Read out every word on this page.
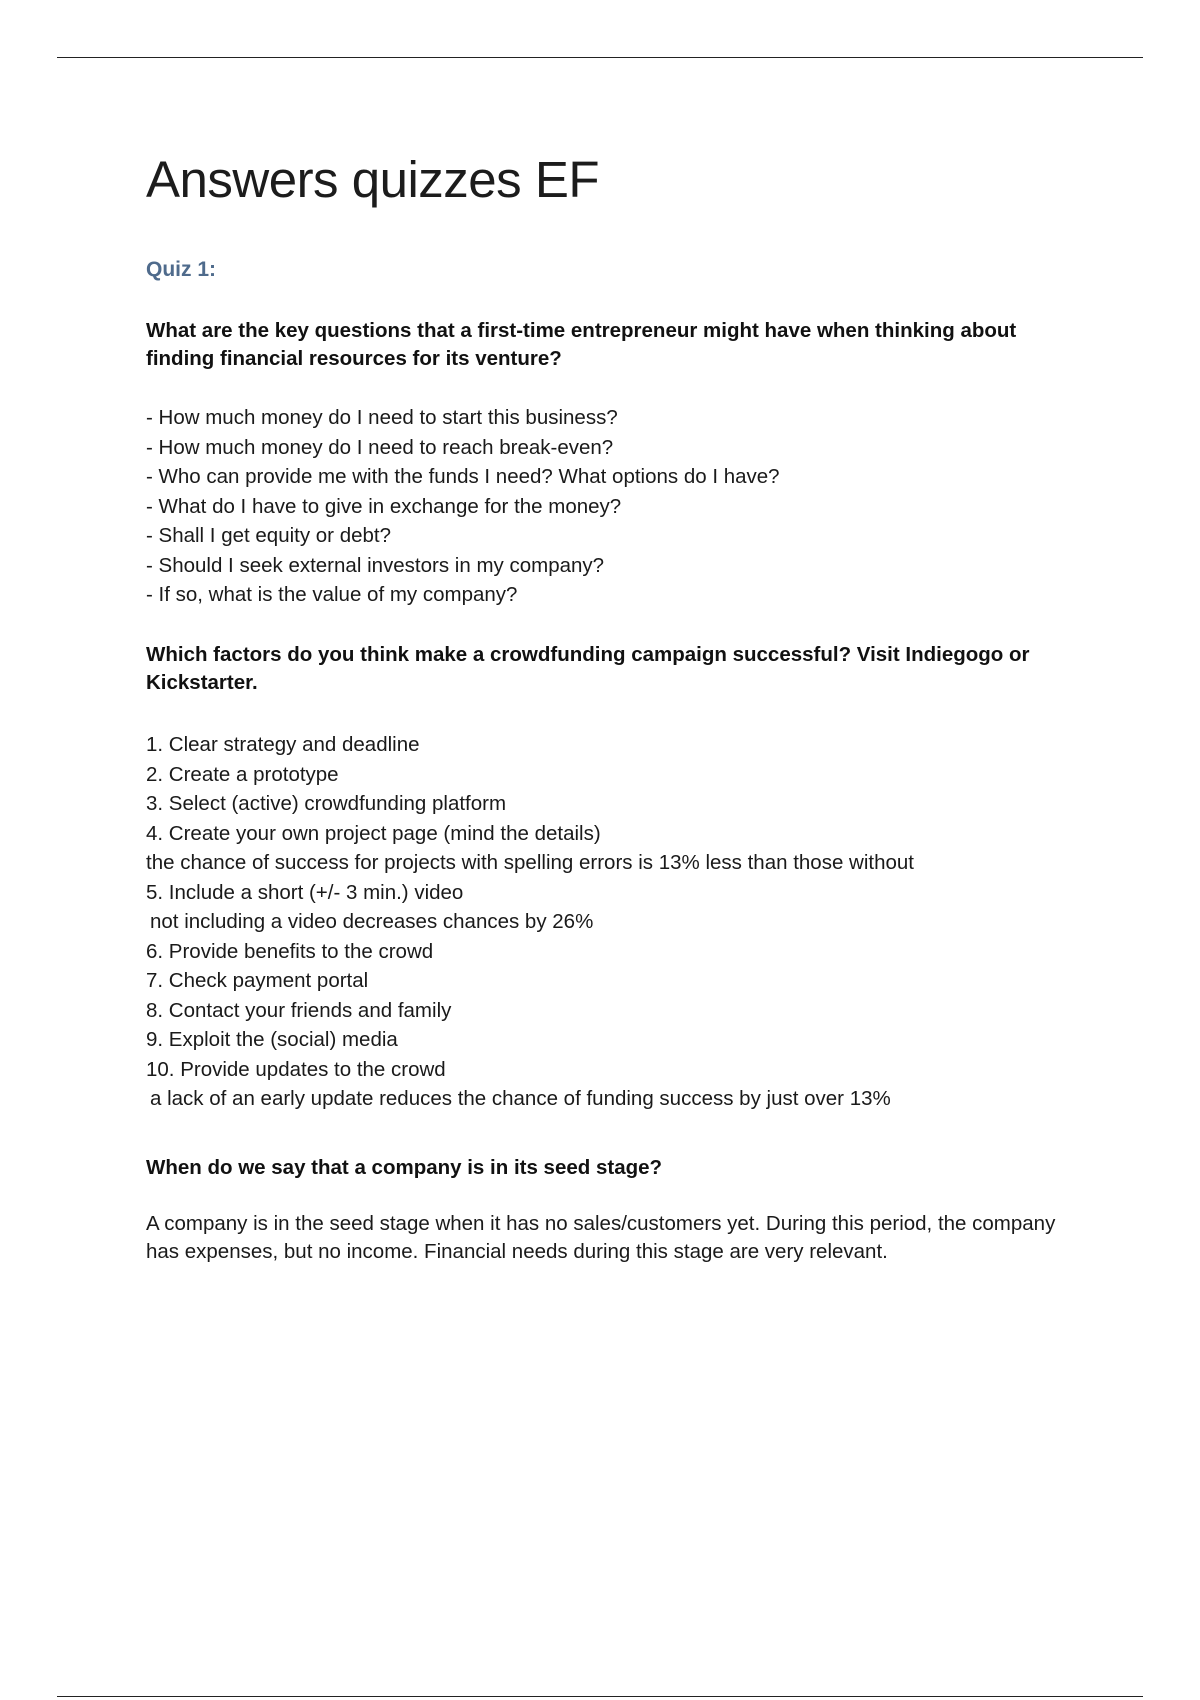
Answers quizzes EF
Quiz 1:

What are the key questions that a first-time entrepreneur might have when thinking about finding financial resources for its venture?

- How much money do I need to start this business?
- How much money do I need to reach break-even?
- Who can provide me with the funds I need? What options do I have?
- What do I have to give in exchange for the money?
- Shall I get equity or debt?
- Should I seek external investors in my company?
- If so, what is the value of my company?

Which factors do you think make a crowdfunding campaign successful? Visit Indiegogo or Kickstarter.

1. Clear strategy and deadline
2. Create a prototype
3. Select (active) crowdfunding platform
4. Create your own project page (mind the details)
the chance of success for projects with spelling errors is 13% less than those without
5. Include a short (+/- 3 min.) video
not including a video decreases chances by 26%
6. Provide benefits to the crowd
7. Check payment portal
8. Contact your friends and family
9. Exploit the (social) media
10. Provide updates to the crowd
a lack of an early update reduces the chance of funding success by just over 13%

When do we say that a company is in its seed stage?

A company is in the seed stage when it has no sales/customers yet. During this period, the company has expenses, but no income. Financial needs during this stage are very relevant.
